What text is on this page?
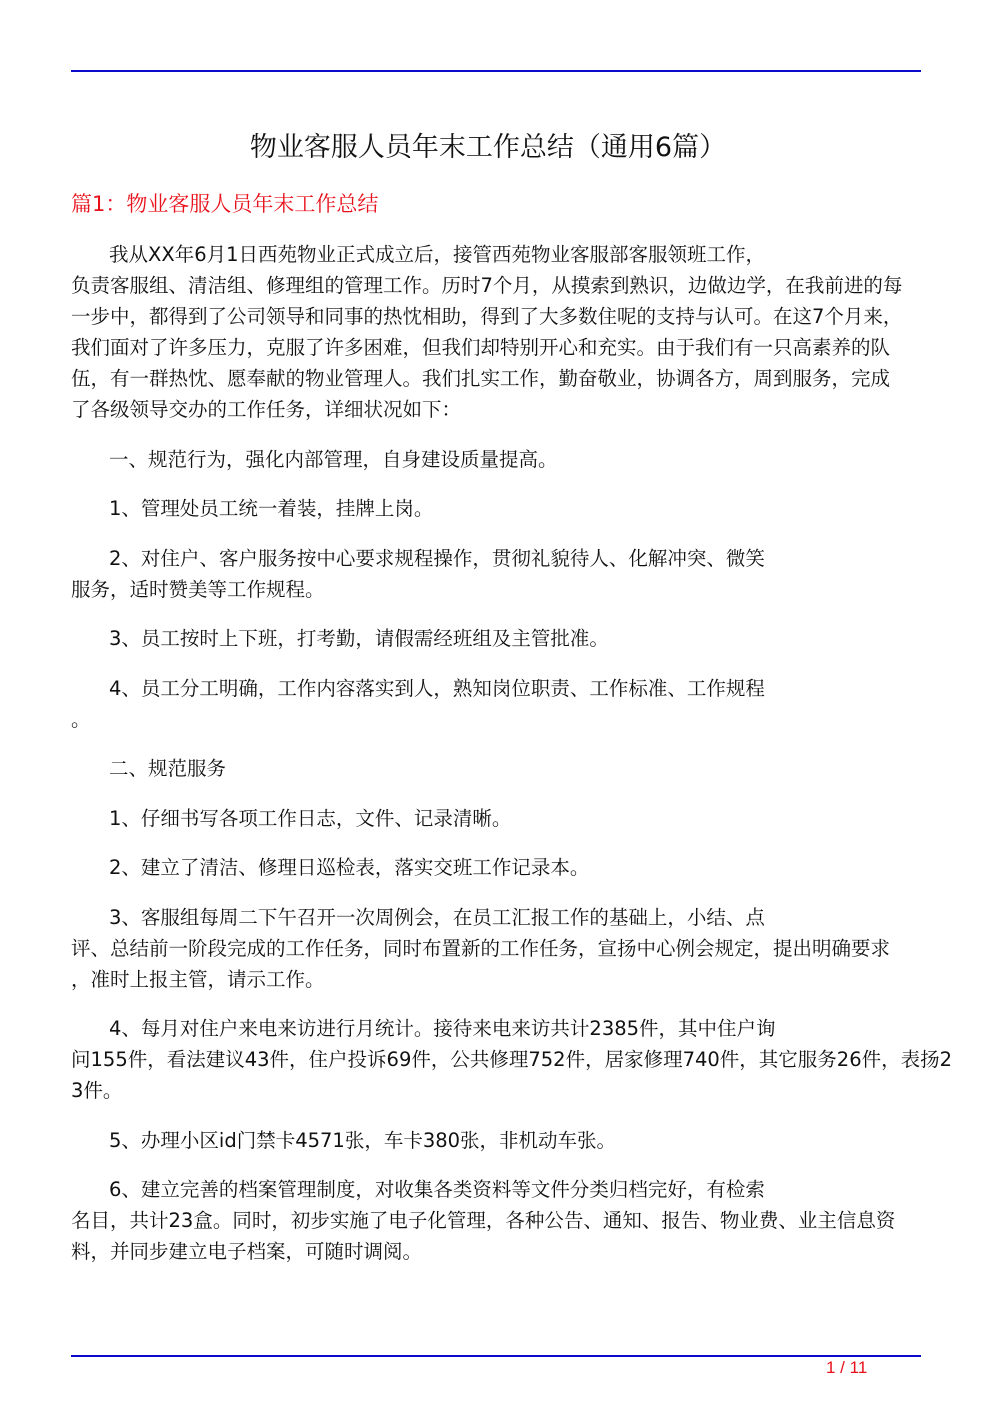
物业客服人员年末工作总结（通用6篇）
篇1：物业客服人员年末工作总结
我从XX年6月1日西苑物业正式成立后，接管西苑物业客服部客服领班工作，
负责客服组、清洁组、修理组的管理工作。历时7个月，从摸索到熟识，边做边学，在我前进的每
一步中，都得到了公司领导和同事的热忱相助，得到了大多数住呢的支持与认可。在这7个月来，
我们面对了许多压力，克服了许多困难，但我们却特别开心和充实。由于我们有一只高素养的队
伍，有一群热忱、愿奉献的物业管理人。我们扎实工作，勤奋敬业，协调各方，周到服务，完成
了各级领导交办的工作任务，详细状况如下：
一、规范行为，强化内部管理，自身建设质量提高。
1、管理处员工统一着装，挂牌上岗。
2、对住户、客户服务按中心要求规程操作，贯彻礼貌待人、化解冲突、微笑
服务，适时赞美等工作规程。
3、员工按时上下班，打考勤，请假需经班组及主管批准。
4、员工分工明确，工作内容落实到人，熟知岗位职责、工作标准、工作规程
。
二、规范服务
1、仔细书写各项工作日志，文件、记录清晰。
2、建立了清洁、修理日巡检表，落实交班工作记录本。
3、客服组每周二下午召开一次周例会，在员工汇报工作的基础上，小结、点
评、总结前一阶段完成的工作任务，同时布置新的工作任务，宣扬中心例会规定，提出明确要求
，准时上报主管，请示工作。
4、每月对住户来电来访进行月统计。接待来电来访共计2385件，其中住户询
问155件，看法建议43件，住户投诉69件，公共修理752件，居家修理740件，其它服务26件，表扬2
3件。
5、办理小区id门禁卡4571张，车卡380张，非机动车张。
6、建立完善的档案管理制度，对收集各类资料等文件分类归档完好，有检索
名目，共计23盒。同时，初步实施了电子化管理，各种公告、通知、报告、物业费、业主信息资
料，并同步建立电子档案，可随时调阅。
1 / 11
